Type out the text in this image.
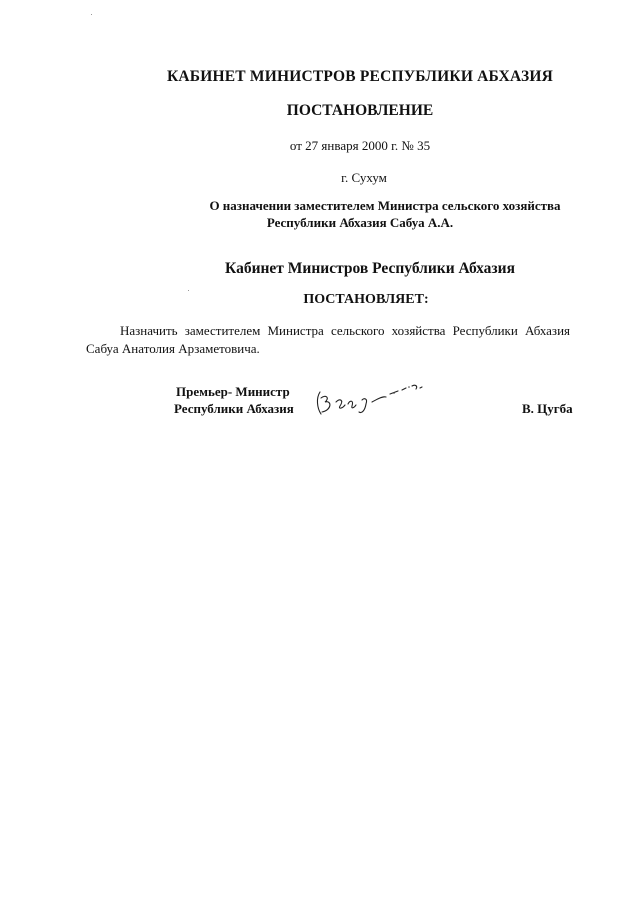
КАБИНЕТ МИНИСТРОВ РЕСПУБЛИКИ АБХАЗИЯ
ПОСТАНОВЛЕНИЕ
от 27 января 2000 г. № 35
г. Сухум
О назначении заместителем Министра сельского хозяйства
Республики Абхазия Сабуа А.А.
Кабинет Министров Республики Абхазия
ПОСТАНОВЛЯЕТ:
Назначить заместителем Министра сельского хозяйства Республики Абхазия Сабуа Анатолия Арзаметовича.
Премьер- Министр
Республики Абхазия	В. Цугба
